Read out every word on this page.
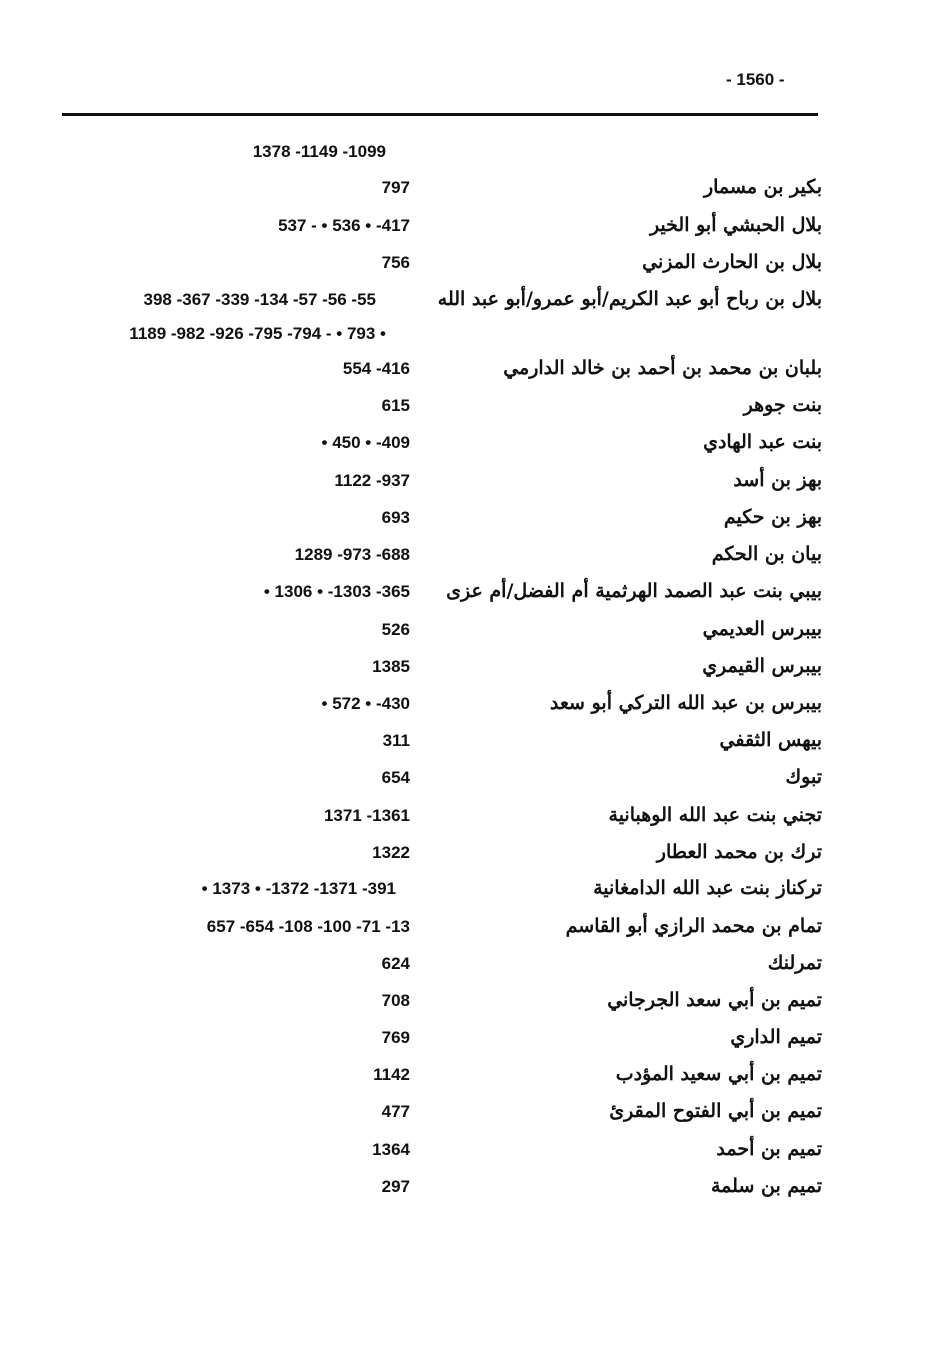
- 1560 -
1378 -1149 -1099
بكير بن مسمار
797
بلال الحبشي أبو الخير
537 - • 536 • -417
بلال بن الحارث المزني
756
بلال بن رباح أبو عبد الكريم/أبو عمرو/أبو عبد الله
398 -367 -339 -134 -57 -56 -55
1189 -982 -926 -795 -794 - • 793 •
بلبان بن محمد بن أحمد بن خالد الدارمي
554 -416
بنت جوهر
615
بنت عبد الهادي
• 450 • -409
بهز بن أسد
1122 -937
بهز بن حكيم
693
بيان بن الحكم
1289 -973 -688
بيبي بنت عبد الصمد الهرثمية أم الفضل/أم عزى
• 1306 • -1303 -365
بيبرس العديمي
526
بيبرس القيمري
1385
بيبرس بن عبد الله التركي أبو سعد
• 572 • -430
بيهس الثقفي
311
تبوك
654
تجني بنت عبد الله الوهبانية
1371 -1361
ترك بن محمد العطار
1322
تركناز بنت عبد الله الدامغانية
• 1373 • -1372 -1371 -391
تمام بن محمد الرازي أبو القاسم
657 -654 -108 -100 -71 -13
تمرلنك
624
تميم بن أبي سعد الجرجاني
708
تميم الداري
769
تميم بن أبي سعيد المؤدب
1142
تميم بن أبي الفتوح المقرئ
477
تميم بن أحمد
1364
تميم بن سلمة
297
